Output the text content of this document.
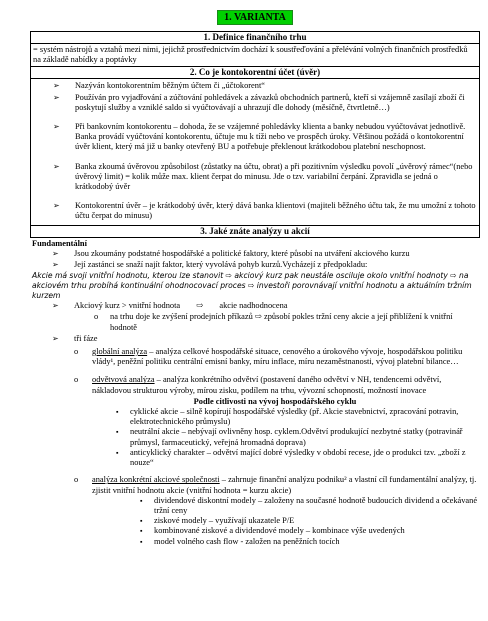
1. VARIANTA
1. Definice finančního trhu
= systém nástrojů a vztahů mezi nimi, jejichž prostřednictvím dochází k soustřeďování a přelévání volných finančních prostředků na základě nabídky a poptávky
2. Co je kontokorentní účet (úvěr)
➢	Nazýván kontokorentním běžným účtem či „účtokorent“
➢	Používán pro vyjadřování a zúčtování pohledávek a závazků obchodních partnerů, kteří si vzájemně zasílají zboží či poskytují služby a vzniklé saldo si vyúčtovávají a uhrazují dle dohody (měsíčně, čtvrtletně…)
➢	Při bankovním kontokorentu – dohoda, že se vzájemné pohledávky klienta a banky nebudou vyúčtovávat jednotlivě. Banka provádí vyúčtování kontokorentu, účtuje mu k tíži nebo ve prospěch úroky. Většinou požádá o kontokorentní úvěr klient, který má již u banky otevřený BU a potřebuje překlenout krátkodobou platební neschopnost.
➢	Banka zkoumá úvěrovou způsobilost (zůstatky na účtu, obrat) a při pozitivním výsledku povolí „úvěrový rámec“(nebo úvěrový limit) = kolik může max. klient čerpat do minusu. Jde o tzv. variabilní čerpání. Zpravidla se jedná o krátkodobý úvěr
➢	Kontokorentní úvěr – je krátkodobý úvěr, který dává banka klientovi (majiteli běžného účtu tak, že mu umožní z tohoto účtu čerpat do minusu)
3. Jaké znáte analýzy u akcií
Fundamentální
➢	Jsou zkoumány podstatné hospodářské a politické faktory, které působí na utváření akciového kurzu
➢	Její zastánci se snaží najít faktor, který vyvolává pohyb kurzů.Vycházejí z předpokladu:
Akcie má svoji vnitřní hodnotu, kterou lze stanovit ⇨ akciový kurz pak neustále osciluje okolo vnitřní hodnoty ⇨ na akciovém trhu probíhá kontinuální ohodnocovací proces ⇨ investoři porovnávají vnitřní hodnotu a aktuálním tržním kurzem
➢	Akciový kurz > vnitřní hodnota ⇨ akcie nadhodnocena
o	na trhu doje ke zvýšení prodejních příkazů ⇨ způsobí pokles tržní ceny akcie a její přiblížení k vnitřní hodnotě
➢	tři fáze
o	globální analýza – analýza celkové hospodářské situace, cenového a úrokového vývoje, hospodářskou politiku vlády¹, peněžní politiku centrální emisní banky, míru inflace, míru nezaměstnanosti, vývoj platební bilance…
o	odvětvová analýza – analýza konkrétního odvětví (postavení daného odvětví v NH, tendencemi odvětví, nákladovou strukturou výroby, mírou zisku, podílem na trhu, vývozní schopností, možností inovace
Podle citlivosti na vývoj hospodářského cyklu
▪	cyklické akcie – silně kopírují hospodářské výsledky (př. Akcie stavebnictví, zpracování potravin, elektrotechnického průmyslu)
▪	neutrální akcie – nebývají ovlivněny hosp. cyklem.Odvětví produkující nezbytné statky (potravinář průmysl, farmaceutický, veřejná hromadná doprava)
▪	anticyklický charakter – odvětví mající dobré výsledky v období recese, jde o produkci tzv. „zboží z nouze“
o	analýza konkrétní akciové společnosti – zahrnuje finanční analýzu podniku² a vlastní cíl fundamentální analýzy, tj. zjistit vnitřní hodnotu akcie (vnitřní hodnota = kurzu akcie)
▪	dividendové diskontní modely – založeny na současné hodnotě budoucích dividend a očekávané tržní ceny
▪	ziskové modely – využívají ukazatele P/E
▪	kombinované ziskové a dividendové modely – kombinace výše uvedených
▪	model volného cash flow - založen na peněžních tocích
